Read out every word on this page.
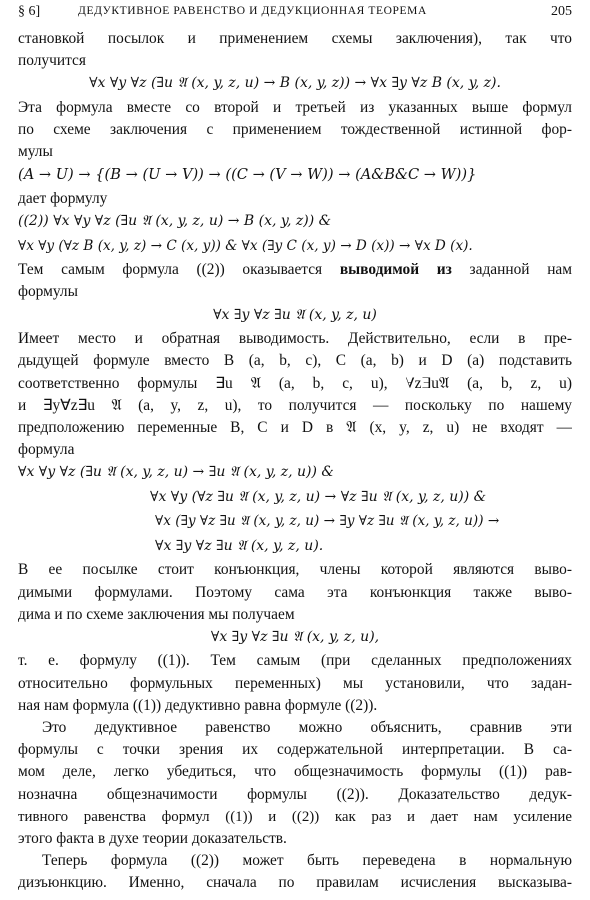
§ 6]	ДЕДУКТИВНОЕ РАВЕНСТВО И ДЕДУКЦИОННАЯ ТЕОРЕМА	205
становкой посылок и применением схемы заключения), так что
получится
∀x ∀y ∀z (∃u 𝔄 (x, y, z, u) → B (x, y, z)) → ∀x ∃y ∀z B (x, y, z).
Эта формула вместе со второй и третьей из указанных выше формул
по схеме заключения с применением тождественной истинной фор-
мулы
(A → U) → {(B → (U → V)) → ((C → (V → W)) → (A&B&C → W))}
дает формулу
((2)) ∀x ∀y ∀z (∃u 𝔄 (x, y, z, u) → B (x, y, z)) &
∀x ∀y (∀z B (x, y, z) → C (x, y)) & ∀x (∃y C (x, y) → D (x)) → ∀x D (x).
Тем самым формула ((2)) оказывается выводимой из заданной нам
формулы
∀x ∃y ∀z ∃u 𝔄 (x, y, z, u)
Имеет место и обратная выводимость. Действительно, если в пре-
дыдущей формуле вместо B (a, b, c), C (a, b) и D (a) подставить
соответственно формулы ∃u 𝔄 (a, b, c, u), ∀z∃u𝔄 (a, b, z, u)
и ∃y∀z∃u 𝔄 (a, y, z, u), то получится — поскольку по нашему
предположению переменные B, C и D в 𝔄 (x, y, z, u) не входят —
формула
∀x ∀y ∀z (∃u 𝔄 (x, y, z, u) → ∃u 𝔄 (x, y, z, u)) &
∀x ∀y (∀z ∃u 𝔄 (x, y, z, u) → ∀z ∃u 𝔄 (x, y, z, u)) &
∀x (∃y ∀z ∃u 𝔄 (x, y, z, u) → ∃y ∀z ∃u 𝔄 (x, y, z, u)) →
∀x ∃y ∀z ∃u 𝔄 (x, y, z, u).
В ее посылке стоит конъюнкция, члены которой являются выво-
димыми формулами. Поэтому сама эта конъюнкция также выво-
дима и по схеме заключения мы получаем
∀x ∃y ∀z ∃u 𝔄 (x, y, z, u),
т. е. формулу ((1)). Тем самым (при сделанных предположениях
относительно формульных переменных) мы установили, что задан-
ная нам формула ((1)) дедуктивно равна формуле ((2)).
Это дедуктивное равенство можно объяснить, сравнив эти
формулы с точки зрения их содержательной интерпретации. В са-
мом деле, легко убедиться, что общезначимость формулы ((1)) рав-
нозначна общезначимости формулы ((2)). Доказательство дедук-
тивного равенства формул ((1)) и ((2)) как раз и дает нам усиление
этого факта в духе теории доказательств.
Теперь формула ((2)) может быть переведена в нормальную
дизъюнкцию. Именно, сначала по правилам исчисления высказыва-
